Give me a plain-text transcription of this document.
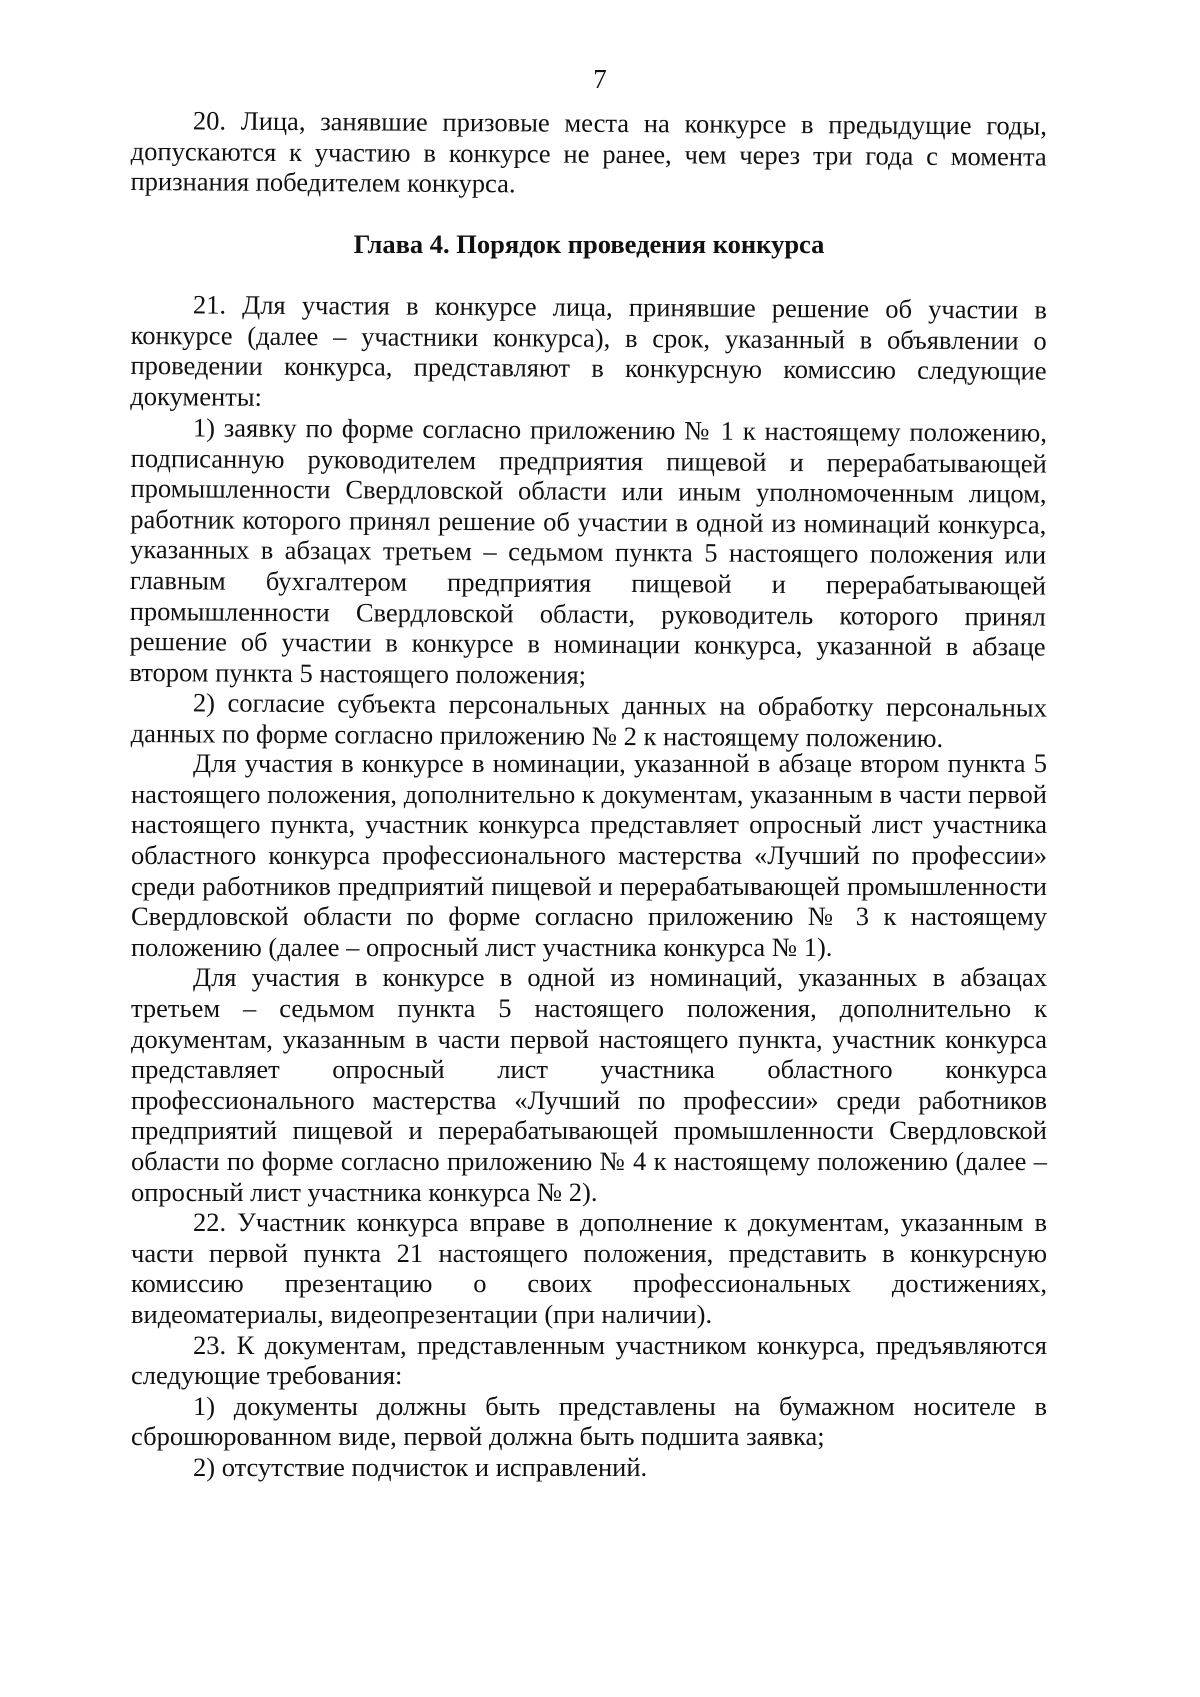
7

20. Лица, занявшие призовые места на конкурсе в предыдущие годы, допускаются к участию в конкурсе не ранее, чем через три года с момента признания победителем конкурса.

Глава 4. Порядок проведения конкурса

21. Для участия в конкурсе лица, принявшие решение об участии в конкурсе (далее – участники конкурса), в срок, указанный в объявлении о проведении конкурса, представляют в конкурсную комиссию следующие документы:

1) заявку по форме согласно приложению № 1 к настоящему положению, подписанную руководителем предприятия пищевой и перерабатывающей промышленности Свердловской области или иным уполномоченным лицом, работник которого принял решение об участии в одной из номинаций конкурса, указанных в абзацах третьем – седьмом пункта 5 настоящего положения или главным бухгалтером предприятия пищевой и перерабатывающей промышленности Свердловской области, руководитель которого принял решение об участии в конкурсе в номинации конкурса, указанной в абзаце втором пункта 5 настоящего положения;

2) согласие субъекта персональных данных на обработку персональных данных по форме согласно приложению № 2 к настоящему положению.

Для участия в конкурсе в номинации, указанной в абзаце втором пункта 5 настоящего положения, дополнительно к документам, указанным в части первой настоящего пункта, участник конкурса представляет опросный лист участника областного конкурса профессионального мастерства «Лучший по профессии» среди работников предприятий пищевой и перерабатывающей промышленности Свердловской области по форме согласно приложению № 3 к настоящему положению (далее – опросный лист участника конкурса № 1).

Для участия в конкурсе в одной из номинаций, указанных в абзацах третьем – седьмом пункта 5 настоящего положения, дополнительно к документам, указанным в части первой настоящего пункта, участник конкурса представляет опросный лист участника областного конкурса профессионального мастерства «Лучший по профессии» среди работников предприятий пищевой и перерабатывающей промышленности Свердловской области по форме согласно приложению № 4 к настоящему положению (далее – опросный лист участника конкурса № 2).

22. Участник конкурса вправе в дополнение к документам, указанным в части первой пункта 21 настоящего положения, представить в конкурсную комиссию презентацию о своих профессиональных достижениях, видеоматериалы, видеопрезентации (при наличии).

23. К документам, представленным участником конкурса, предъявляются следующие требования:

1) документы должны быть представлены на бумажном носителе в сброшюрованном виде, первой должна быть подшита заявка;

2) отсутствие подчисток и исправлений.
